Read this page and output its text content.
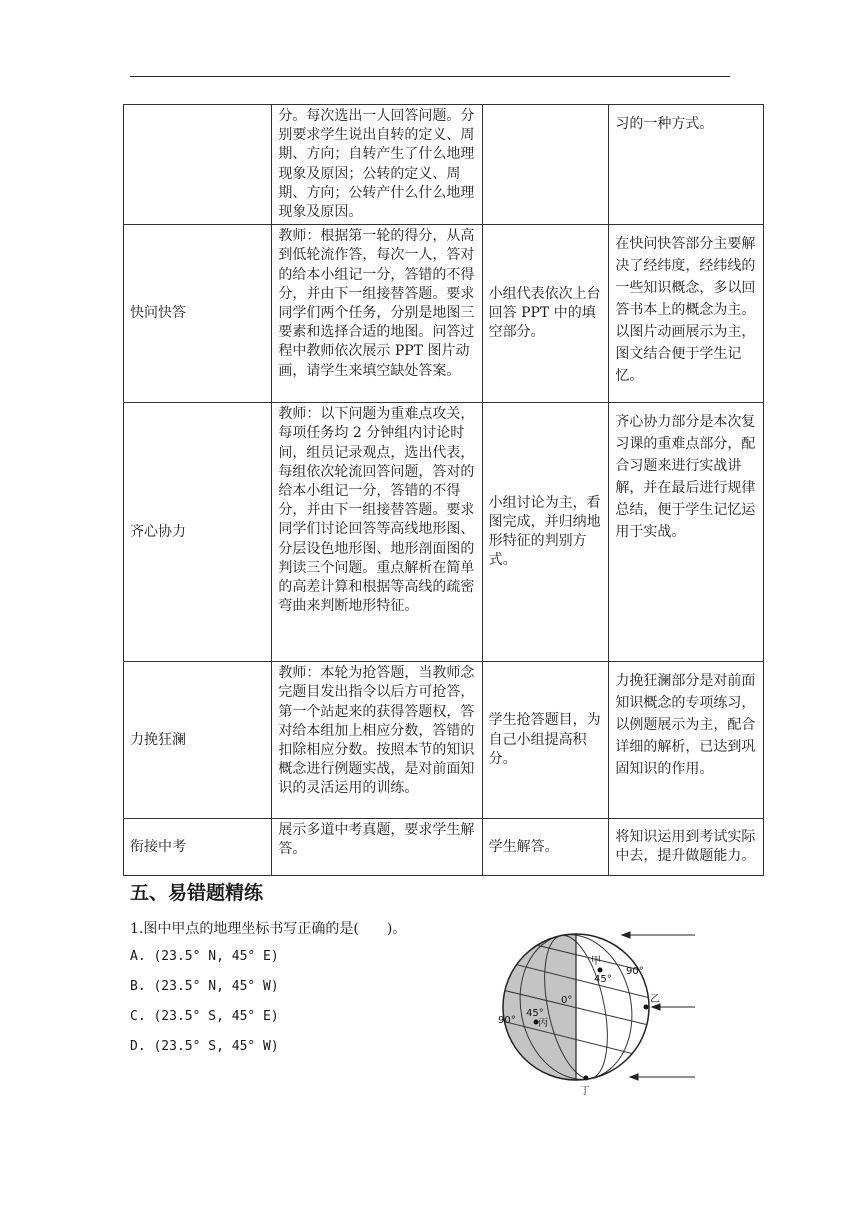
	分。每次选出一人回答问题。分别要求学生说出自转的定义、周期、方向；自转产生了什么地理现象及原因；公转的定义、周期、方向；公转产什么什么地理现象及原因。		习的一种方式。

快问快答	教师：根据第一轮的得分，从高到低轮流作答，每次一人，答对的给本小组记一分，答错的不得分，并由下一组接替答题。要求同学们两个任务，分别是地图三要素和选择合适的地图。问答过程中教师依次展示 PPT 图片动画，请学生来填空缺处答案。	小组代表依次上台回答 PPT 中的填空部分。	在快问快答部分主要解决了经纬度，经纬线的一些知识概念，多以回答书本上的概念为主。以图片动画展示为主，图文结合便于学生记忆。

齐心协力	教师：以下问题为重难点攻关，每项任务均 2 分钟组内讨论时间，组员记录观点，选出代表，每组依次轮流回答问题，答对的给本小组记一分，答错的不得分，并由下一组接替答题。要求同学们讨论回答等高线地形图、分层设色地形图、地形剖面图的判读三个问题。重点解析在简单的高差计算和根据等高线的疏密弯曲来判断地形特征。	小组讨论为主，看图完成，并归纳地形特征的判别方式。	齐心协力部分是本次复习课的重难点部分，配合习题来进行实战讲解，并在最后进行规律总结，便于学生记忆运用于实战。

力挽狂澜	教师：本轮为抢答题，当教师念完题目发出指令以后方可抢答，第一个站起来的获得答题权，答对给本组加上相应分数，答错的扣除相应分数。按照本节的知识概念进行例题实战，是对前面知识的灵活运用的训练。	学生抢答题目，为自己小组提高积分。	力挽狂澜部分是对前面知识概念的专项练习，以例题展示为主，配合详细的解析，已达到巩固知识的作用。

衔接中考	展示多道中考真题，要求学生解答。	学生解答。	将知识运用到考试实际中去，提升做题能力。
五、易错题精练
1.图中甲点的地理坐标书写正确的是(　　)。
A. (23.5° N, 45° E)
B. (23.5° N, 45° W)
C. (23.5° S, 45° E)
D. (23.5° S, 45° W)
甲
90°
45°
0°	乙
45°
丙
90°
丁
